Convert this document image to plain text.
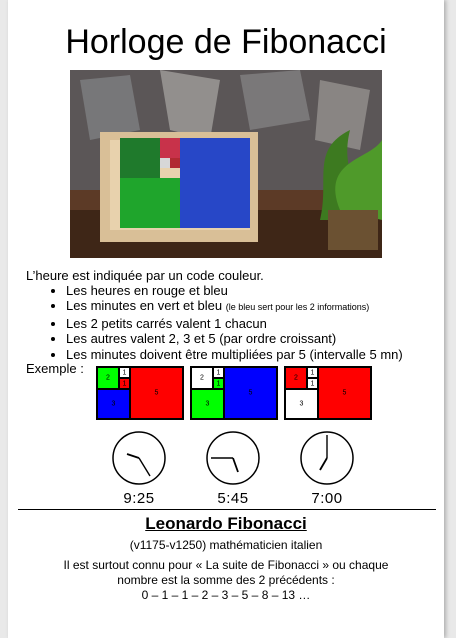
Horloge de Fibonacci
L’heure est indiquée par un code couleur.
• Les heures en rouge et bleu
• Les minutes en vert et bleu (le bleu sert pour les 2 informations)
• Les 2 petits carrés valent 1 chacun
• Les autres valent 2, 3 et 5 (par ordre croissant)
• Les minutes doivent être multipliées par 5 (intervalle 5 mn)
Exemple :
2
1
1
3
5
2
1
1
3
5
2
1
1
3
5
9:25	5:45	7:00
Leonardo Fibonacci
(v1175-v1250) mathématicien italien
Il est surtout connu pour « La suite de Fibonacci » ou chaque
nombre est la somme des 2 précédents :
0 – 1 – 1 – 2 – 3 – 5 – 8 – 13 …
